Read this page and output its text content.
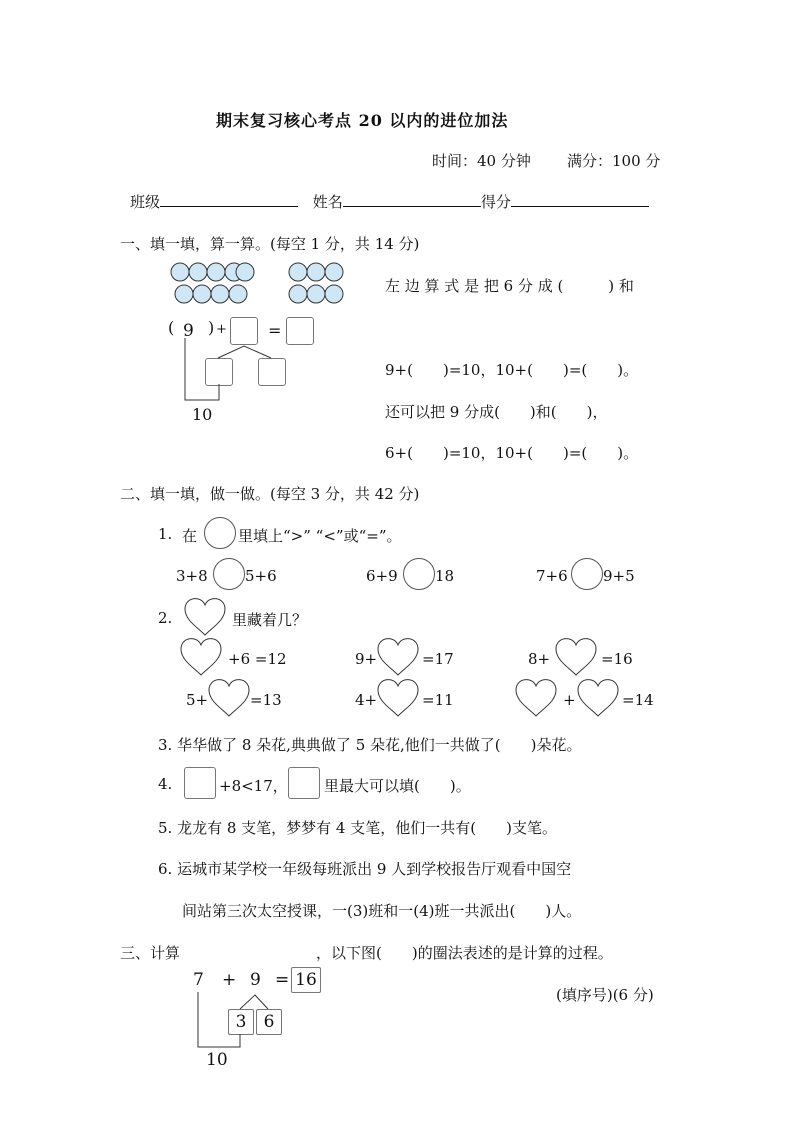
期末复习核心考点 20 以内的进位加法
时间：40 分钟 满分：100 分
班级	姓名	得分
一、填一填，算一算。(每空 1 分，共 14 分)
左 边 算 式 是 把 6 分 成 (　　　) 和
( 9 ) +	=
10
9+(　　)=10，10+(　　)=(　　)。
还可以把 9 分成(　　)和(　　)，
6+(　　)=10，10+(　　)=(　　)。
二、填一填，做一做。(每空 3 分，共 42 分)
1. 在	里填上“>” “<”或“=”。
3+8 5+6	6+9 18	7+6 9+5
2.	里藏着几？
+6 =12	9+	=17	8+	=16
5+	=13	4+	=11	+	=14
3. 华华做了 8 朵花,典典做了 5 朵花,他们一共做了(　　)朵花。
4.	+8<17， 里最大可以填(　　)。
5. 龙龙有 8 支笔，梦梦有 4 支笔，他们一共有(　　)支笔。
6. 运城市某学校一年级每班派出 9 人到学校报告厅观看中国空
间站第三次太空授课，一(3)班和一(4)班一共派出(　　)人。
三、计算	，以下图(　　)的圈法表述的是计算的过程。
(填序号)(6 分)
7 + 9 = 16
3	6
10
